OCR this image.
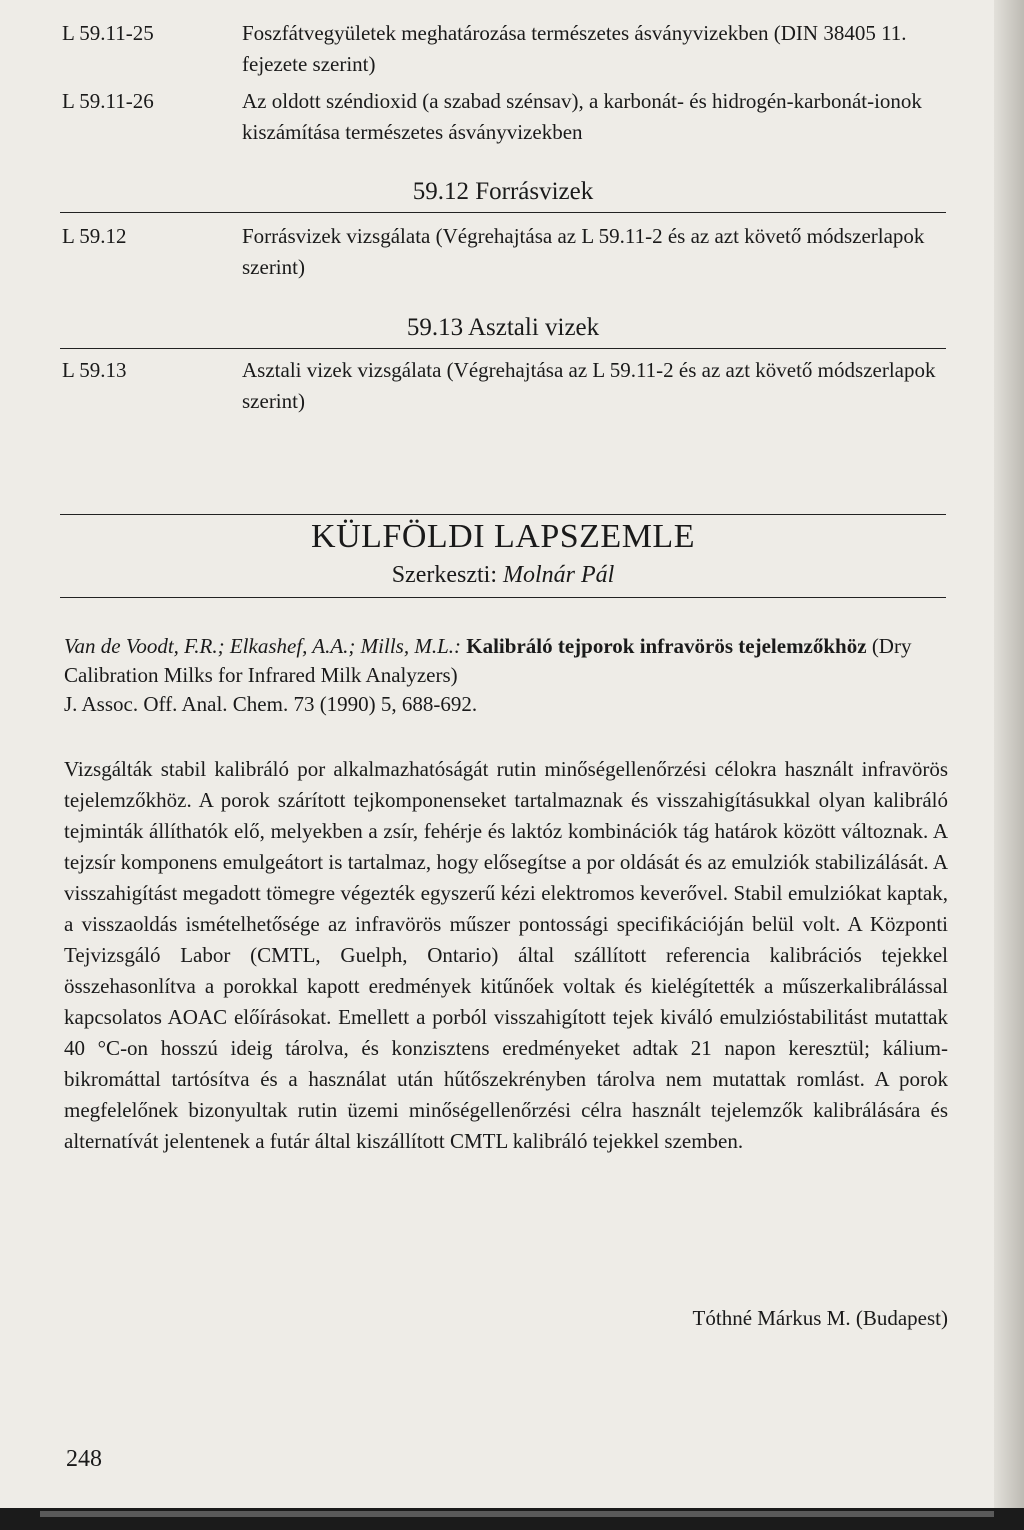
L 59.11-25	Foszfátvegyületek meghatározása természetes ásványvizekben (DIN 38405 11. fejezete szerint)
L 59.11-26	Az oldott széndioxid (a szabad szénsav), a karbonát- és hidrogén-karbonát-ionok kiszámítása természetes ásványvizekben
59.12 Forrásvizek
L 59.12	Forrásvizek vizsgálata (Végrehajtása az L 59.11-2 és az azt követő módszerlapok szerint)
59.13 Asztali vizek
L 59.13	Asztali vizek vizsgálata (Végrehajtása az L 59.11-2 és az azt követő módszerlapok szerint)
KÜLFÖLDI LAPSZEMLE
Szerkeszti: Molnár Pál
Van de Voodt, F.R.; Elkashef, A.A.; Mills, M.L.: Kalibráló tejporok infravörös tejelemzőkhöz (Dry Calibration Milks for Infrared Milk Analyzers)
J. Assoc. Off. Anal. Chem. 73 (1990) 5, 688-692.
Vizsgálták stabil kalibráló por alkalmazhatóságát rutin minőségellenőrzési célokra használt infravörös tejelemzőkhöz. A porok szárított tejkomponenseket tartalmaznak és visszahigításukkal olyan kalibráló tejminták állíthatók elő, melyekben a zsír, fehérje és laktóz kombinációk tág határok között változnak. A tejzsír komponens emulgeátort is tartalmaz, hogy elősegítse a por oldását és az emulziók stabilizálását. A visszahigítást megadott tömegre végezték egyszerű kézi elektromos keverővel. Stabil emulziókat kaptak, a visszaoldás ismételhetősége az infravörös műszer pontossági specifikációján belül volt. A Központi Tejvizsgáló Labor (CMTL, Guelph, Ontario) által szállított referencia kalibrációs tejekkel összehasonlítva a porokkal kapott eredmények kitűnőek voltak és kielégítették a műszerkalibrálással kapcsolatos AOAC előírásokat. Emellett a porból visszahigított tejek kiváló emulzióstabilitást mutattak 40 °C-on hosszú ideig tárolva, és konzisztens eredményeket adtak 21 napon keresztül; kálium-bikromáttal tartósítva és a használat után hűtőszekrényben tárolva nem mutattak romlást. A porok megfelelőnek bizonyultak rutin üzemi minőségellenőrzési célra használt tejelemzők kalibrálására és alternatívát jelentenek a futár által kiszállított CMTL kalibráló tejekkel szemben.
Tóthné Márkus M. (Budapest)
248
